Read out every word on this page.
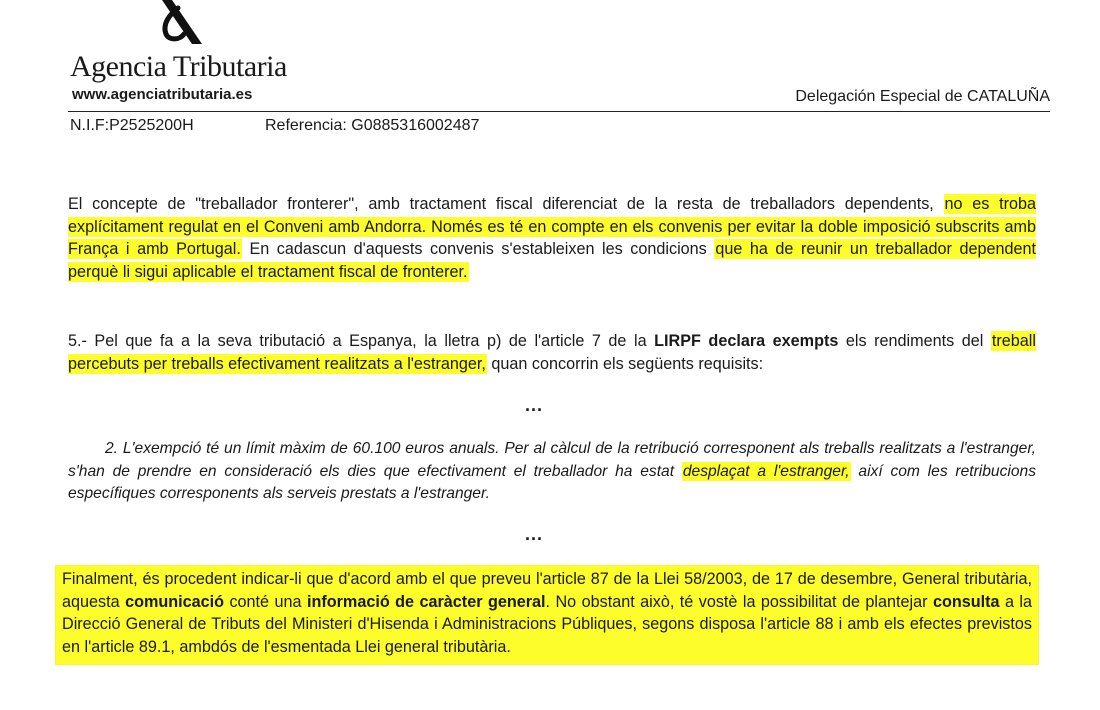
Agencia Tributaria
www.agenciatributaria.es	Delegación Especial de CATALUÑA
N.I.F:P2525200H	Referencia: G0885316002487

El concepte de "treballador fronterer", amb tractament fiscal diferenciat de la resta de treballadors dependents, no es troba explícitament regulat en el Conveni amb Andorra. Només es té en compte en els convenis per evitar la doble imposició subscrits amb França i amb Portugal. En cadascun d'aquests convenis s'estableixen les condicions que ha de reunir un treballador dependent perquè li sigui aplicable el tractament fiscal de fronterer.

5.- Pel que fa a la seva tributació a Espanya, la lletra p) de l'article 7 de la LIRPF declara exempts els rendiments del treball percebuts per treballs efectivament realitzats a l'estranger, quan concorrin els següents requisits:

...

2. L'exempció té un límit màxim de 60.100 euros anuals. Per al càlcul de la retribució corresponent als treballs realitzats a l'estranger, s'han de prendre en consideració els dies que efectivament el treballador ha estat desplaçat a l'estranger, així com les retribucions específiques corresponents als serveis prestats a l'estranger.

...

Finalment, és procedent indicar-li que d'acord amb el que preveu l'article 87 de la Llei 58/2003, de 17 de desembre, General tributària, aquesta comunicació conté una informació de caràcter general. No obstant això, té vostè la possibilitat de plantejar consulta a la Direcció General de Tributs del Ministeri d'Hisenda i Administracions Públiques, segons disposa l'article 88 i amb els efectes previstos en l'article 89.1, ambdós de l'esmentada Llei general tributària.
